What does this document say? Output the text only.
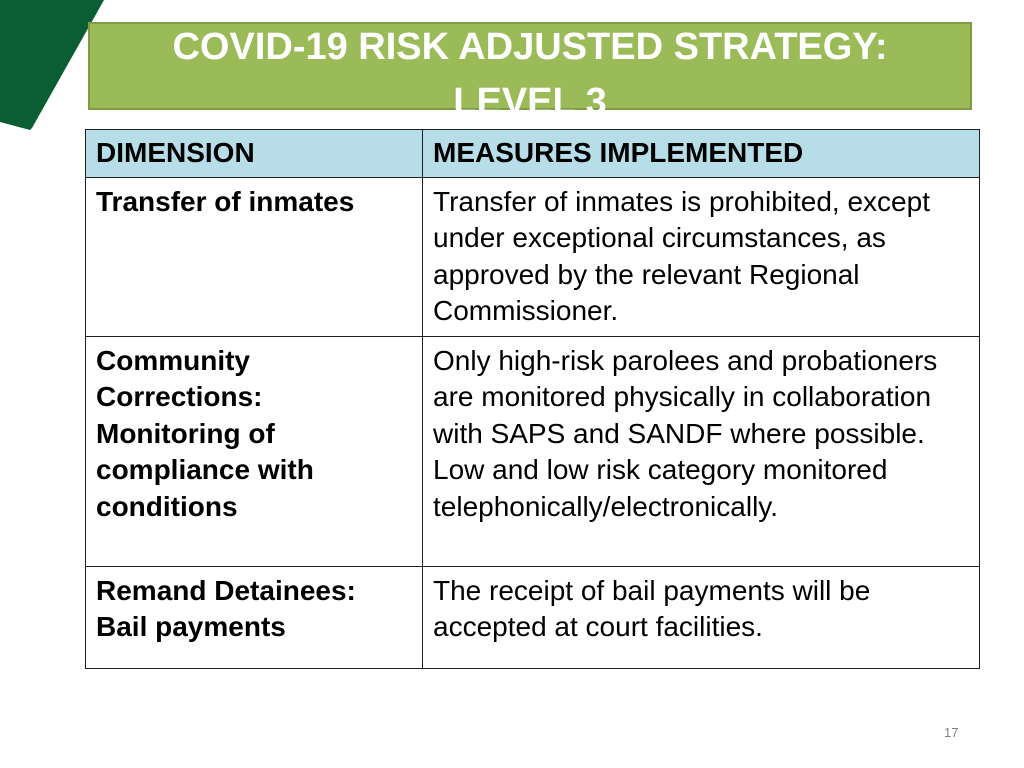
COVID-19 RISK ADJUSTED STRATEGY:
LEVEL 3
DIMENSION	MEASURES IMPLEMENTED
Transfer of inmates	Transfer of inmates is prohibited, except under exceptional circumstances, as approved by the relevant Regional Commissioner.

Community Corrections: Monitoring of compliance with conditions	Only high-risk parolees and probationers are monitored physically in collaboration with SAPS and SANDF where possible.
Low and low risk category monitored telephonically/electronically.

Remand Detainees: Bail payments	The receipt of bail payments will be accepted at court facilities.
17
